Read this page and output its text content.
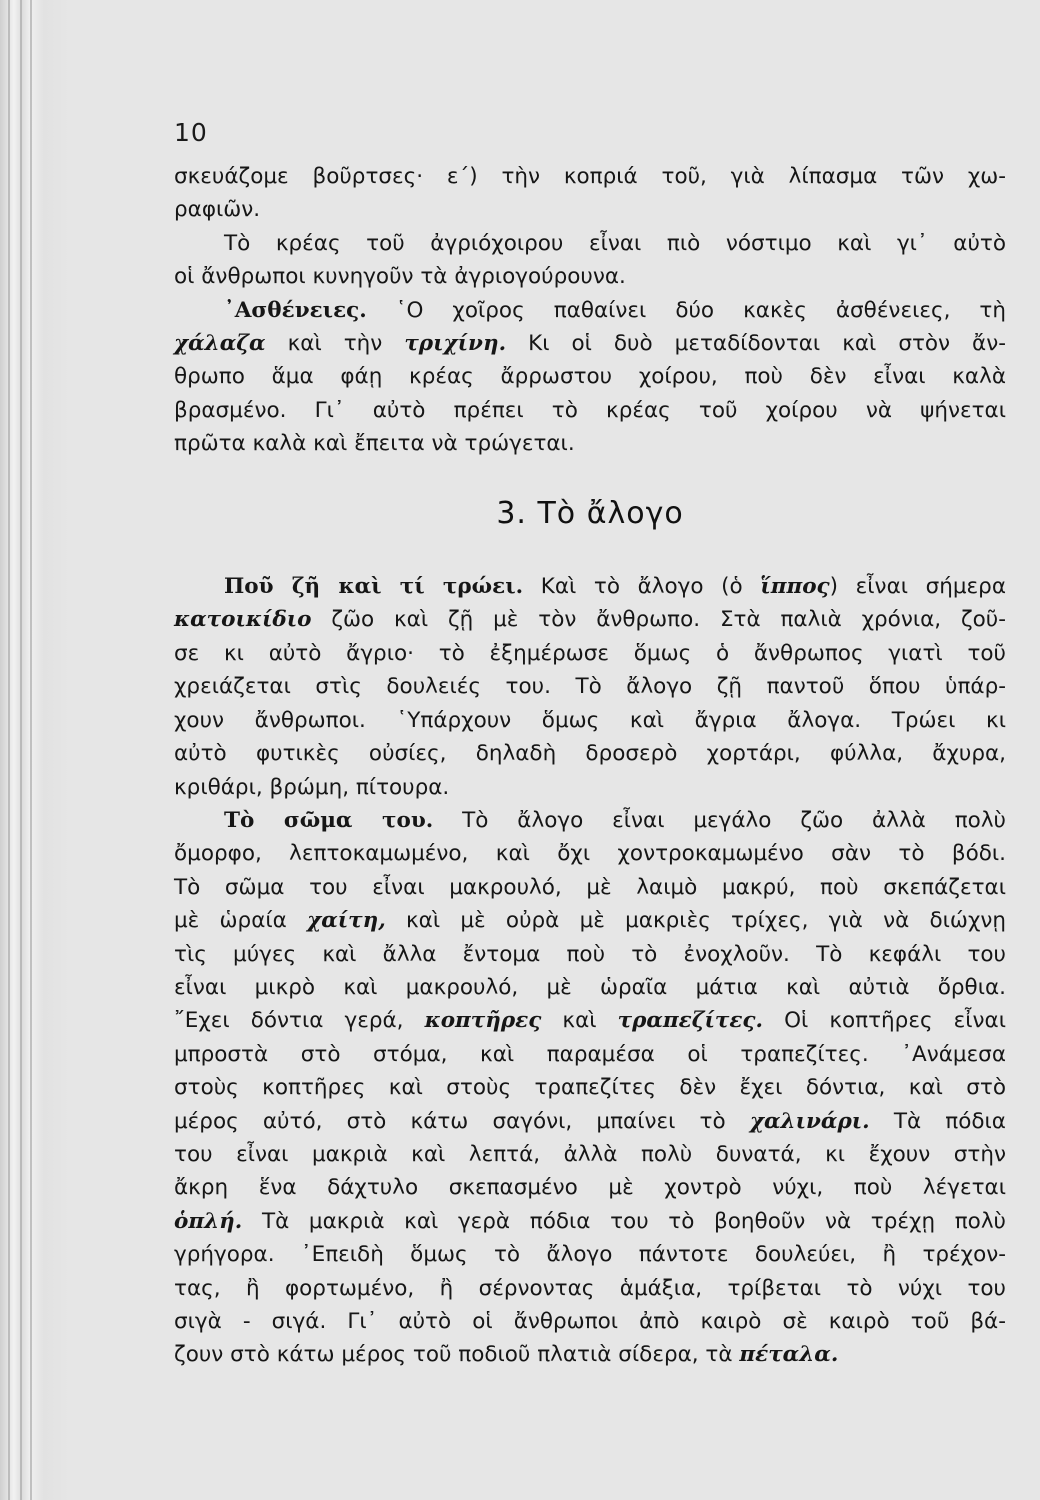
10
σκευάζομε βοῦρτσες· ε΄) τὴν κοπριά τοῦ, γιὰ λίπασμα τῶν χω-
ραφιῶν.
Τὸ κρέας τοῦ ἀγριόχοιρου εἶναι πιὸ νόστιμο καὶ γι᾿ αὐτὸ
οἱ ἄνθρωποι κυνηγοῦν τὰ ἀγριογούρουνα.
᾿Ασθένειες. ῾Ο χοῖρος παθαίνει δύο κακὲς ἀσθένειες, τὴ
χάλαζα καὶ τὴν τριχίνη. Κι οἱ δυὸ μεταδίδονται καὶ στὸν ἄν-
θρωπο ἅμα φάῃ κρέας ἄρρωστου χοίρου, ποὺ δὲν εἶναι καλὰ
βρασμένο. Γι᾿ αὐτὸ πρέπει τὸ κρέας τοῦ χοίρου νὰ ψήνεται
πρῶτα καλὰ καὶ ἔπειτα νὰ τρώγεται.
3. Τὸ ἄλογο
Ποῦ ζῆ καὶ τί τρώει. Καὶ τὸ ἄλογο (ὁ ἵππος) εἶναι σήμερα
κατοικίδιο ζῶο καὶ ζῇ μὲ τὸν ἄνθρωπο. Στὰ παλιὰ χρόνια, ζοῦ-
σε κι αὐτὸ ἄγριο· τὸ ἐξημέρωσε ὅμως ὁ ἄνθρωπος γιατὶ τοῦ
χρειάζεται στὶς δουλειές του. Τὸ ἄλογο ζῇ παντοῦ ὅπου ὑπάρ-
χουν ἄνθρωποι. ῾Υπάρχουν ὅμως καὶ ἄγρια ἄλογα. Τρώει κι
αὐτὸ φυτικὲς οὐσίες, δηλαδὴ δροσερὸ χορτάρι, φύλλα, ἄχυρα,
κριθάρι, βρώμη, πίτουρα.
Τὸ σῶμα του. Τὸ ἄλογο εἶναι μεγάλο ζῶο ἀλλὰ πολὺ
ὄμορφο, λεπτοκαμωμένο, καὶ ὄχι χοντροκαμωμένο σὰν τὸ βόδι.
Τὸ σῶμα του εἶναι μακρουλό, μὲ λαιμὸ μακρύ, ποὺ σκεπάζεται
μὲ ὡραία χαίτη, καὶ μὲ οὐρὰ μὲ μακριὲς τρίχες, γιὰ νὰ διώχνῃ
τὶς μύγες καὶ ἄλλα ἔντομα ποὺ τὸ ἐνοχλοῦν. Τὸ κεφάλι του
εἶναι μικρὸ καὶ μακρουλό, μὲ ὡραῖα μάτια καὶ αὐτιὰ ὄρθια.
῎Εχει δόντια γερά, κοπτῆρες καὶ τραπεζίτες. Οἱ κοπτῆρες εἶναι
μπροστὰ στὸ στόμα, καὶ παραμέσα οἱ τραπεζίτες. ᾿Ανάμεσα
στοὺς κοπτῆρες καὶ στοὺς τραπεζίτες δὲν ἔχει δόντια, καὶ στὸ
μέρος αὐτό, στὸ κάτω σαγόνι, μπαίνει τὸ χαλινάρι. Τὰ πόδια
του εἶναι μακριὰ καὶ λεπτά, ἀλλὰ πολὺ δυνατά, κι ἔχουν στὴν
ἄκρη ἕνα δάχτυλο σκεπασμένο μὲ χοντρὸ νύχι, ποὺ λέγεται
ὁπλή. Τὰ μακριὰ καὶ γερὰ πόδια του τὸ βοηθοῦν νὰ τρέχῃ πολὺ
γρήγορα. ᾿Επειδὴ ὅμως τὸ ἄλογο πάντοτε δουλεύει, ἢ τρέχον-
τας, ἢ φορτωμένο, ἢ σέρνοντας ἁμάξια, τρίβεται τὸ νύχι του
σιγὰ - σιγά. Γι᾿ αὐτὸ οἱ ἄνθρωποι ἀπὸ καιρὸ σὲ καιρὸ τοῦ βά-
ζουν στὸ κάτω μέρος τοῦ ποδιοῦ πλατιὰ σίδερα, τὰ πέταλα.
